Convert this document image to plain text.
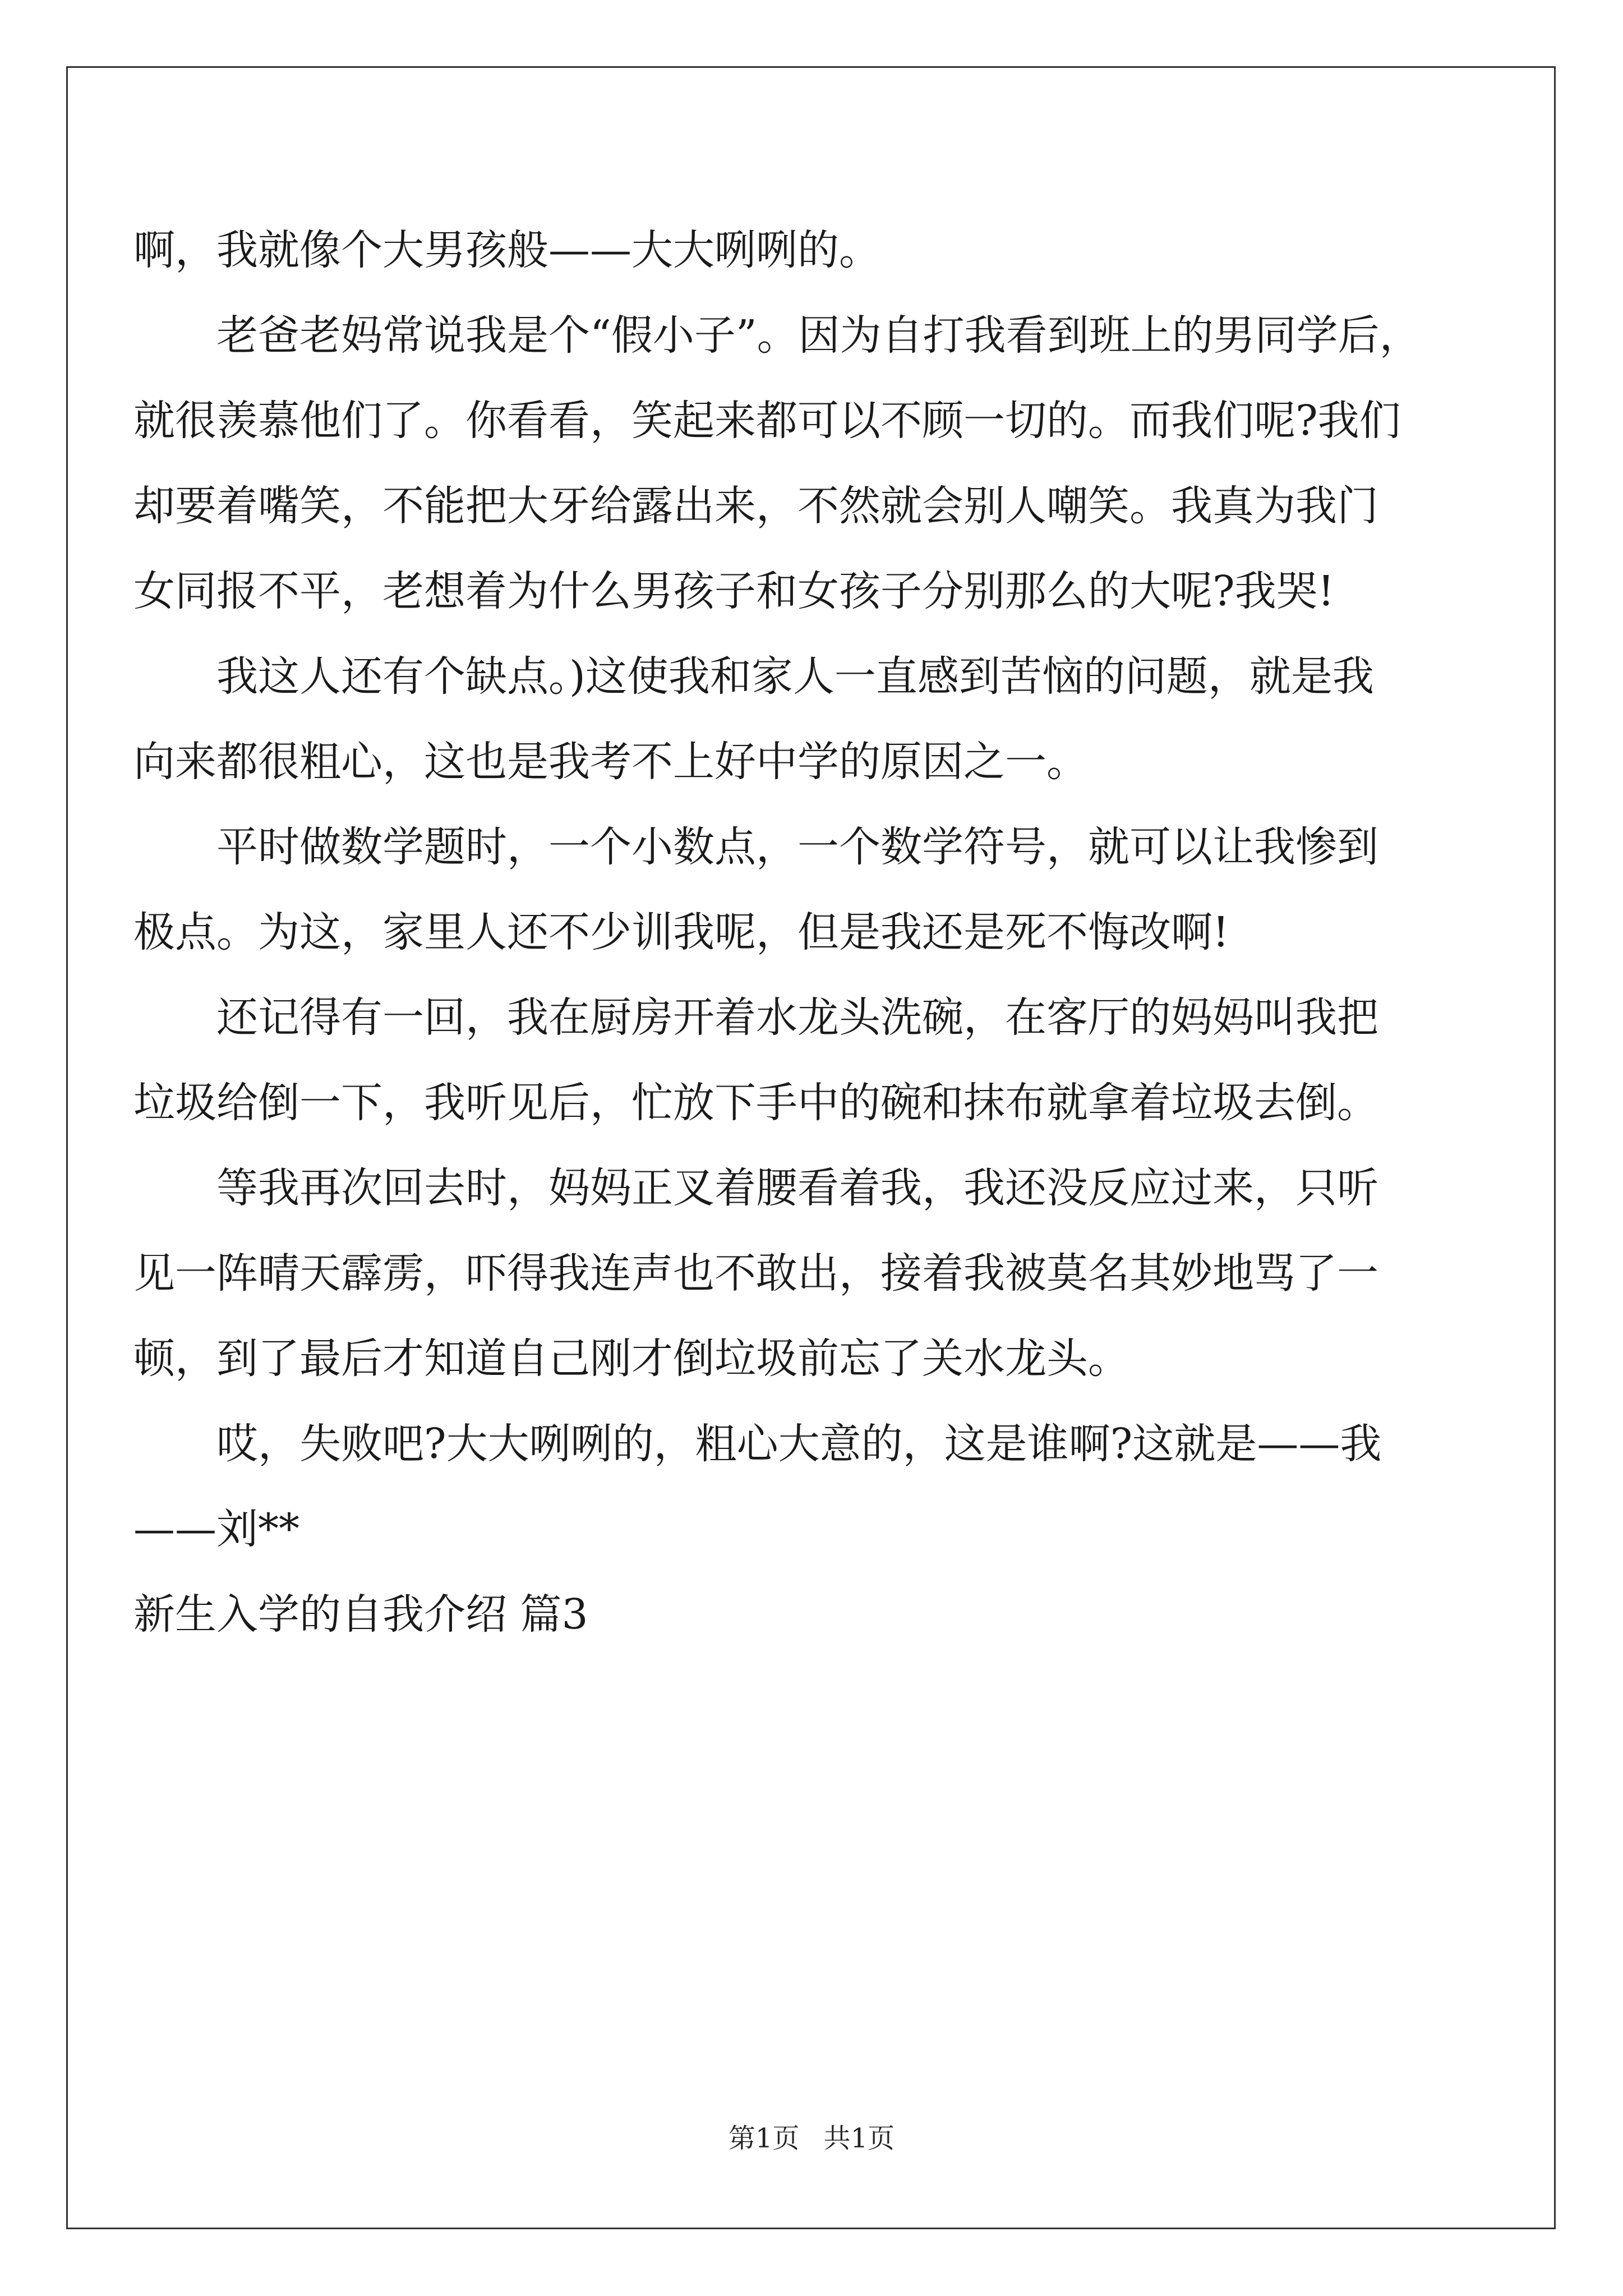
啊，我就像个大男孩般——大大咧咧的。
老爸老妈常说我是个“假小子”。因为自打我看到班上的男同学后，
就很羡慕他们了。你看看，笑起来都可以不顾一切的。而我们呢?我们
却要着嘴笑，不能把大牙给露出来，不然就会别人嘲笑。我真为我门
女同报不平，老想着为什么男孩子和女孩子分别那么的大呢?我哭!
我这人还有个缺点。)这使我和家人一直感到苦恼的问题，就是我
向来都很粗心，这也是我考不上好中学的原因之一。
平时做数学题时，一个小数点，一个数学符号，就可以让我惨到
极点。为这，家里人还不少训我呢，但是我还是死不悔改啊!
还记得有一回，我在厨房开着水龙头洗碗，在客厅的妈妈叫我把
垃圾给倒一下，我听见后，忙放下手中的碗和抹布就拿着垃圾去倒。
等我再次回去时，妈妈正叉着腰看着我，我还没反应过来，只听
见一阵晴天霹雳，吓得我连声也不敢出，接着我被莫名其妙地骂了一
顿，到了最后才知道自己刚才倒垃圾前忘了关水龙头。
哎，失败吧?大大咧咧的，粗心大意的，这是谁啊?这就是——我
——刘**
新生入学的自我介绍 篇3
第1页 共1页
